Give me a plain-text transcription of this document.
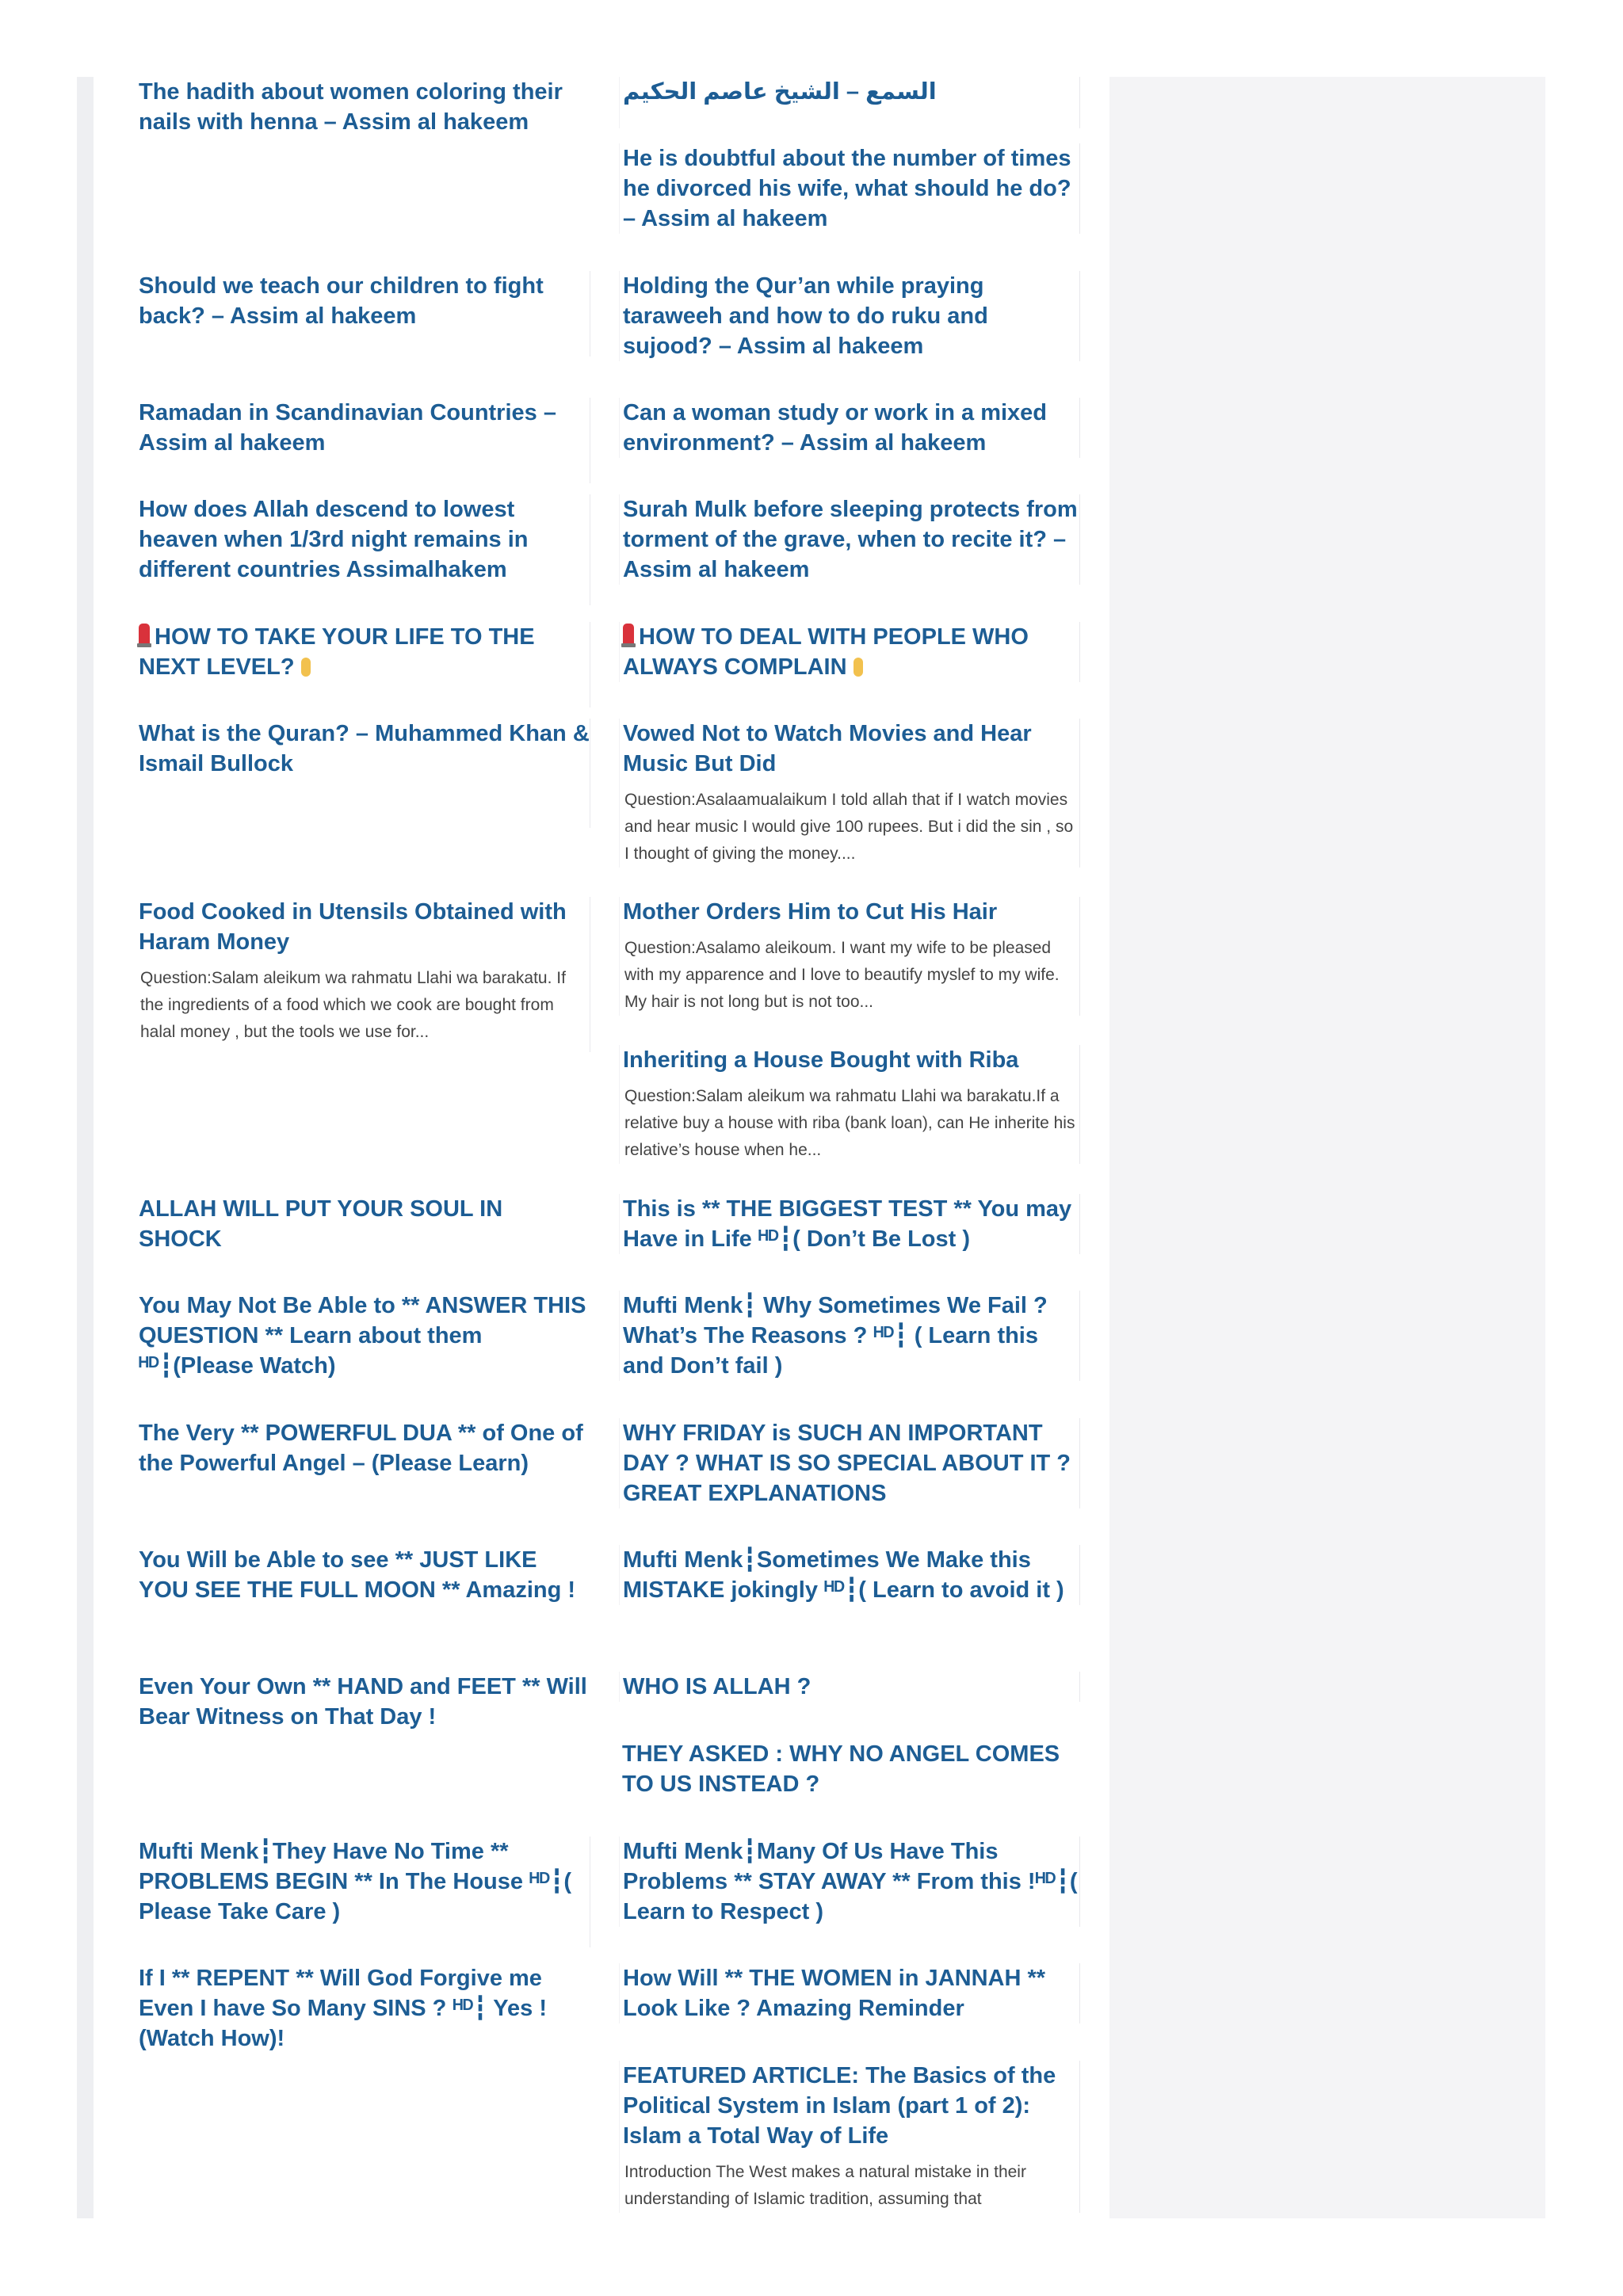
The hadith about women coloring their nails with henna – Assim al hakeem
Should we teach our children to fight back? – Assim al hakeem
Ramadan in Scandinavian Countries – Assim al hakeem
How does Allah descend to lowest heaven when 1/3rd night remains in different countries Assimalhakem
HOW TO TAKE YOUR LIFE TO THE NEXT LEVEL?
What is the Quran? – Muhammed Khan & Ismail Bullock
Food Cooked in Utensils Obtained with Haram Money

Question:Salam aleikum wa rahmatu Llahi wa barakatu. If the ingredients of a food which we cook are bought from halal money , but the tools we use for...

ALLAH WILL PUT YOUR SOUL IN SHOCK
You May Not Be Able to ** ANSWER THIS QUESTION ** Learn about them ᴴᴰ┇(Please Watch)
The Very ** POWERFUL DUA ** of One of the Powerful Angel – (Please Learn)
You Will be Able to see ** JUST LIKE YOU SEE THE FULL MOON ** Amazing !
Even Your Own ** HAND and FEET ** Will Bear Witness on That Day !
Mufti Menk┇They Have No Time ** PROBLEMS BEGIN ** In The House ᴴᴰ┇( Please Take Care )
If I ** REPENT ** Will God Forgive me Even I have So Many SINS ? ᴴᴰ┇ Yes ! (Watch How)!
السمع – الشيخ عاصم الحكيم
He is doubtful about the number of times he divorced his wife, what should he do? – Assim al hakeem
Holding the Qur’an while praying taraweeh and how to do ruku and sujood? – Assim al hakeem
Can a woman study or work in a mixed environment? – Assim al hakeem
Surah Mulk before sleeping protects from torment of the grave, when to recite it? – Assim al hakeem
HOW TO DEAL WITH PEOPLE WHO ALWAYS COMPLAIN
Vowed Not to Watch Movies and Hear Music But Did

Question:Asalaamualaikum I told allah that if I watch movies and hear music I would give 100 rupees. But i did the sin , so I thought of giving the money....

Mother Orders Him to Cut His Hair

Question:Asalamo aleikoum. I want my wife to be pleased with my apparence and I love to beautify myslef to my wife. My hair is not long but is not too...

Inheriting a House Bought with Riba

Question:Salam aleikum wa rahmatu Llahi wa barakatu.If a relative buy a house with riba (bank loan), can He inherite his relative’s house when he...

This is ** THE BIGGEST TEST ** You may Have in Life ᴴᴰ┇( Don’t Be Lost )
Mufti Menk┇ Why Sometimes We Fail ? What’s The Reasons ? ᴴᴰ┇ ( Learn this and Don’t fail )
WHY FRIDAY is SUCH AN IMPORTANT DAY ? WHAT IS SO SPECIAL ABOUT IT ? GREAT EXPLANATIONS
Mufti Menk┇Sometimes We Make this MISTAKE jokingly ᴴᴰ┇( Learn to avoid it )
WHO IS ALLAH ?
THEY ASKED : WHY NO ANGEL COMES TO US INSTEAD ?
Mufti Menk┇Many Of Us Have This Problems ** STAY AWAY ** From this !ᴴᴰ┇( Learn to Respect )
How Will ** THE WOMEN in JANNAH ** Look Like ? Amazing Reminder
FEATURED ARTICLE: The Basics of the Political System in Islam (part 1 of 2): Islam a Total Way of Life

Introduction The West makes a natural mistake in their understanding of Islamic tradition, assuming that
